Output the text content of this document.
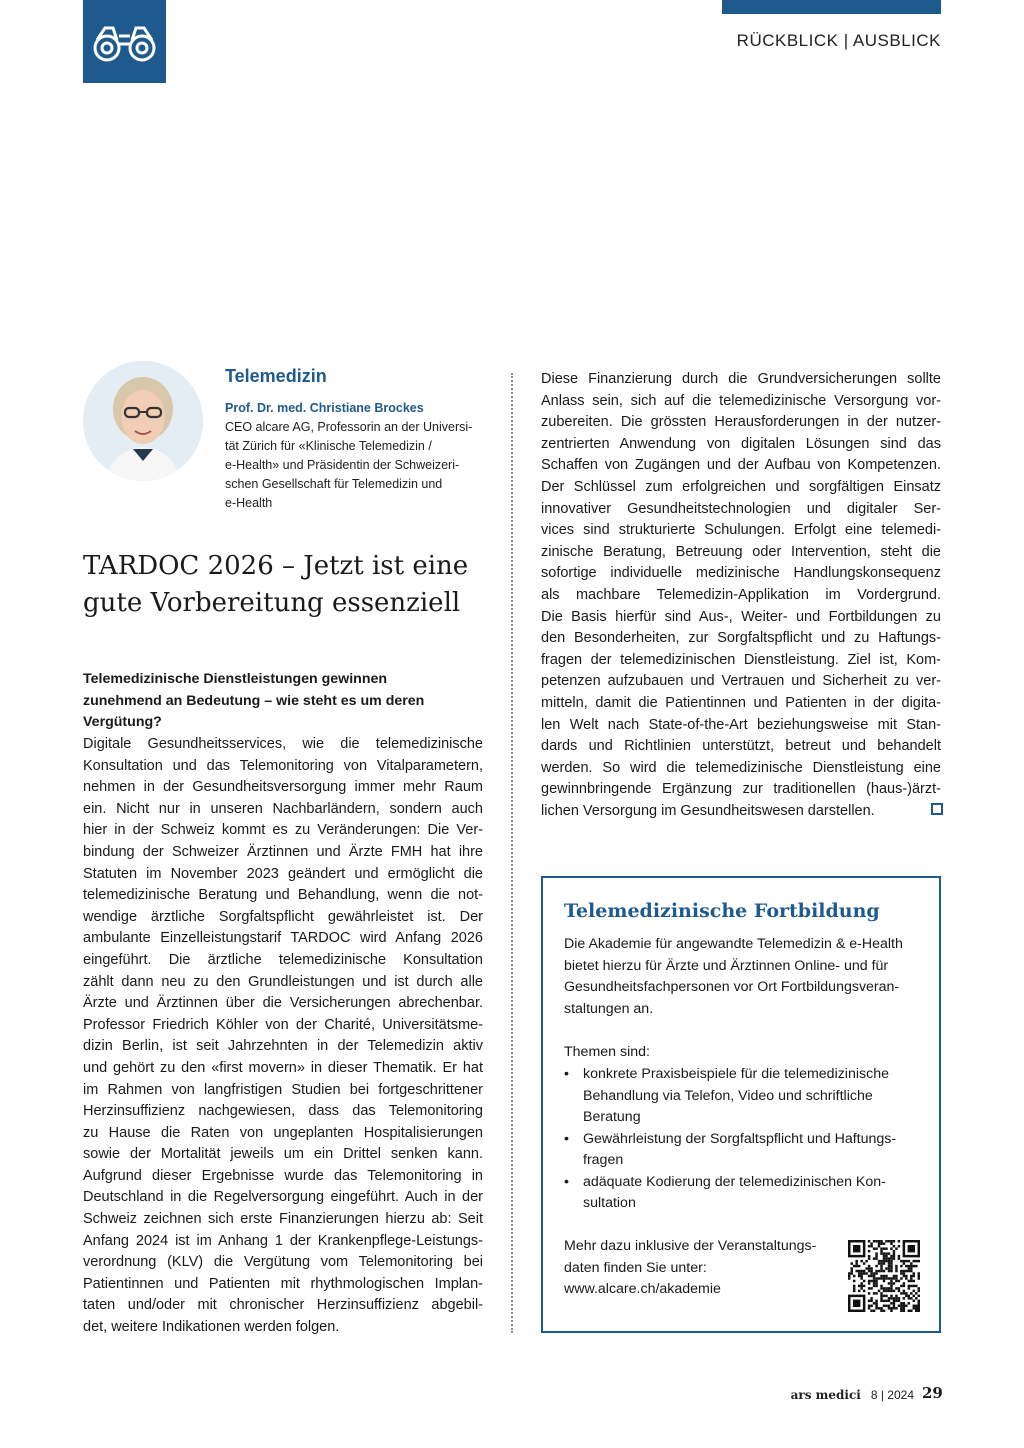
RÜCKBLICK | AUSBLICK
Telemedizin
Prof. Dr. med. Christiane Brockes
CEO alcare AG, Professorin an der Universi-
tät Zürich für «Klinische Telemedizin /
e-Health» und Präsidentin der Schweizeri-
schen Gesellschaft für Telemedizin und
e-Health
TARDOC 2026 – Jetzt ist eine
gute Vorbereitung essenziell
Telemedizinische Dienstleistungen gewinnen
zunehmend an Bedeutung – wie steht es um deren
Vergütung?
Digitale Gesundheitsservices, wie die telemedizinische
Konsultation und das Telemonitoring von Vitalparametern,
nehmen in der Gesundheitsversorgung immer mehr Raum
ein. Nicht nur in unseren Nachbarländern, sondern auch
hier in der Schweiz kommt es zu Veränderungen: Die Ver-
bindung der Schweizer Ärztinnen und Ärzte FMH hat ihre
Statuten im November 2023 geändert und ermöglicht die
telemedizinische Beratung und Behandlung, wenn die not-
wendige ärztliche Sorgfaltspflicht gewährleistet ist. Der
ambulante Einzelleistungstarif TARDOC wird Anfang 2026
eingeführt. Die ärztliche telemedizinische Konsultation
zählt dann neu zu den Grundleistungen und ist durch alle
Ärzte und Ärztinnen über die Versicherungen abrechenbar.
Professor Friedrich Köhler von der Charité, Universitätsme-
dizin Berlin, ist seit Jahrzehnten in der Telemedizin aktiv
und gehört zu den «first movern» in dieser Thematik. Er hat
im Rahmen von langfristigen Studien bei fortgeschrittener
Herzinsuffizienz nachgewiesen, dass das Telemonitoring
zu Hause die Raten von ungeplanten Hospitalisierungen
sowie der Mortalität jeweils um ein Drittel senken kann.
Aufgrund dieser Ergebnisse wurde das Telemonitoring in
Deutschland in die Regelversorgung eingeführt. Auch in der
Schweiz zeichnen sich erste Finanzierungen hierzu ab: Seit
Anfang 2024 ist im Anhang 1 der Krankenpflege-Leistungs-
verordnung (KLV) die Vergütung vom Telemonitoring bei
Patientinnen und Patienten mit rhythmologischen Implan-
taten und/oder mit chronischer Herzinsuffizienz abgebil-
det, weitere Indikationen werden folgen.
Diese Finanzierung durch die Grundversicherungen sollte
Anlass sein, sich auf die telemedizinische Versorgung vor-
zubereiten. Die grössten Herausforderungen in der nutzer-
zentrierten Anwendung von digitalen Lösungen sind das
Schaffen von Zugängen und der Aufbau von Kompetenzen.
Der Schlüssel zum erfolgreichen und sorgfältigen Einsatz
innovativer Gesundheitstechnologien und digitaler Ser-
vices sind strukturierte Schulungen. Erfolgt eine telemedi-
zinische Beratung, Betreuung oder Intervention, steht die
sofortige individuelle medizinische Handlungskonsequenz
als machbare Telemedizin-Applikation im Vordergrund.
Die Basis hierfür sind Aus-, Weiter- und Fortbildungen zu
den Besonderheiten, zur Sorgfaltspflicht und zu Haftungs-
fragen der telemedizinischen Dienstleistung. Ziel ist, Kom-
petenzen aufzubauen und Vertrauen und Sicherheit zu ver-
mitteln, damit die Patientinnen und Patienten in der digita-
len Welt nach State-of-the-Art beziehungsweise mit Stan-
dards und Richtlinien unterstützt, betreut und behandelt
werden. So wird die telemedizinische Dienstleistung eine
gewinnbringende Ergänzung zur traditionellen (haus-)ärzt-
lichen Versorgung im Gesundheitswesen darstellen.
Telemedizinische Fortbildung
Die Akademie für angewandte Telemedizin & e-Health
bietet hierzu für Ärzte und Ärztinnen Online- und für
Gesundheitsfachpersonen vor Ort Fortbildungsveran-
staltungen an.
Themen sind:
• konkrete Praxisbeispiele für die telemedizinische
Behandlung via Telefon, Video und schriftliche
Beratung
• Gewährleistung der Sorgfaltspflicht und Haftungs-
fragen
• adäquate Kodierung der telemedizinischen Kon-
sultation
Mehr dazu inklusive der Veranstaltungs-
daten finden Sie unter:
www.alcare.ch/akademie
ars medici 8 | 2024 29
